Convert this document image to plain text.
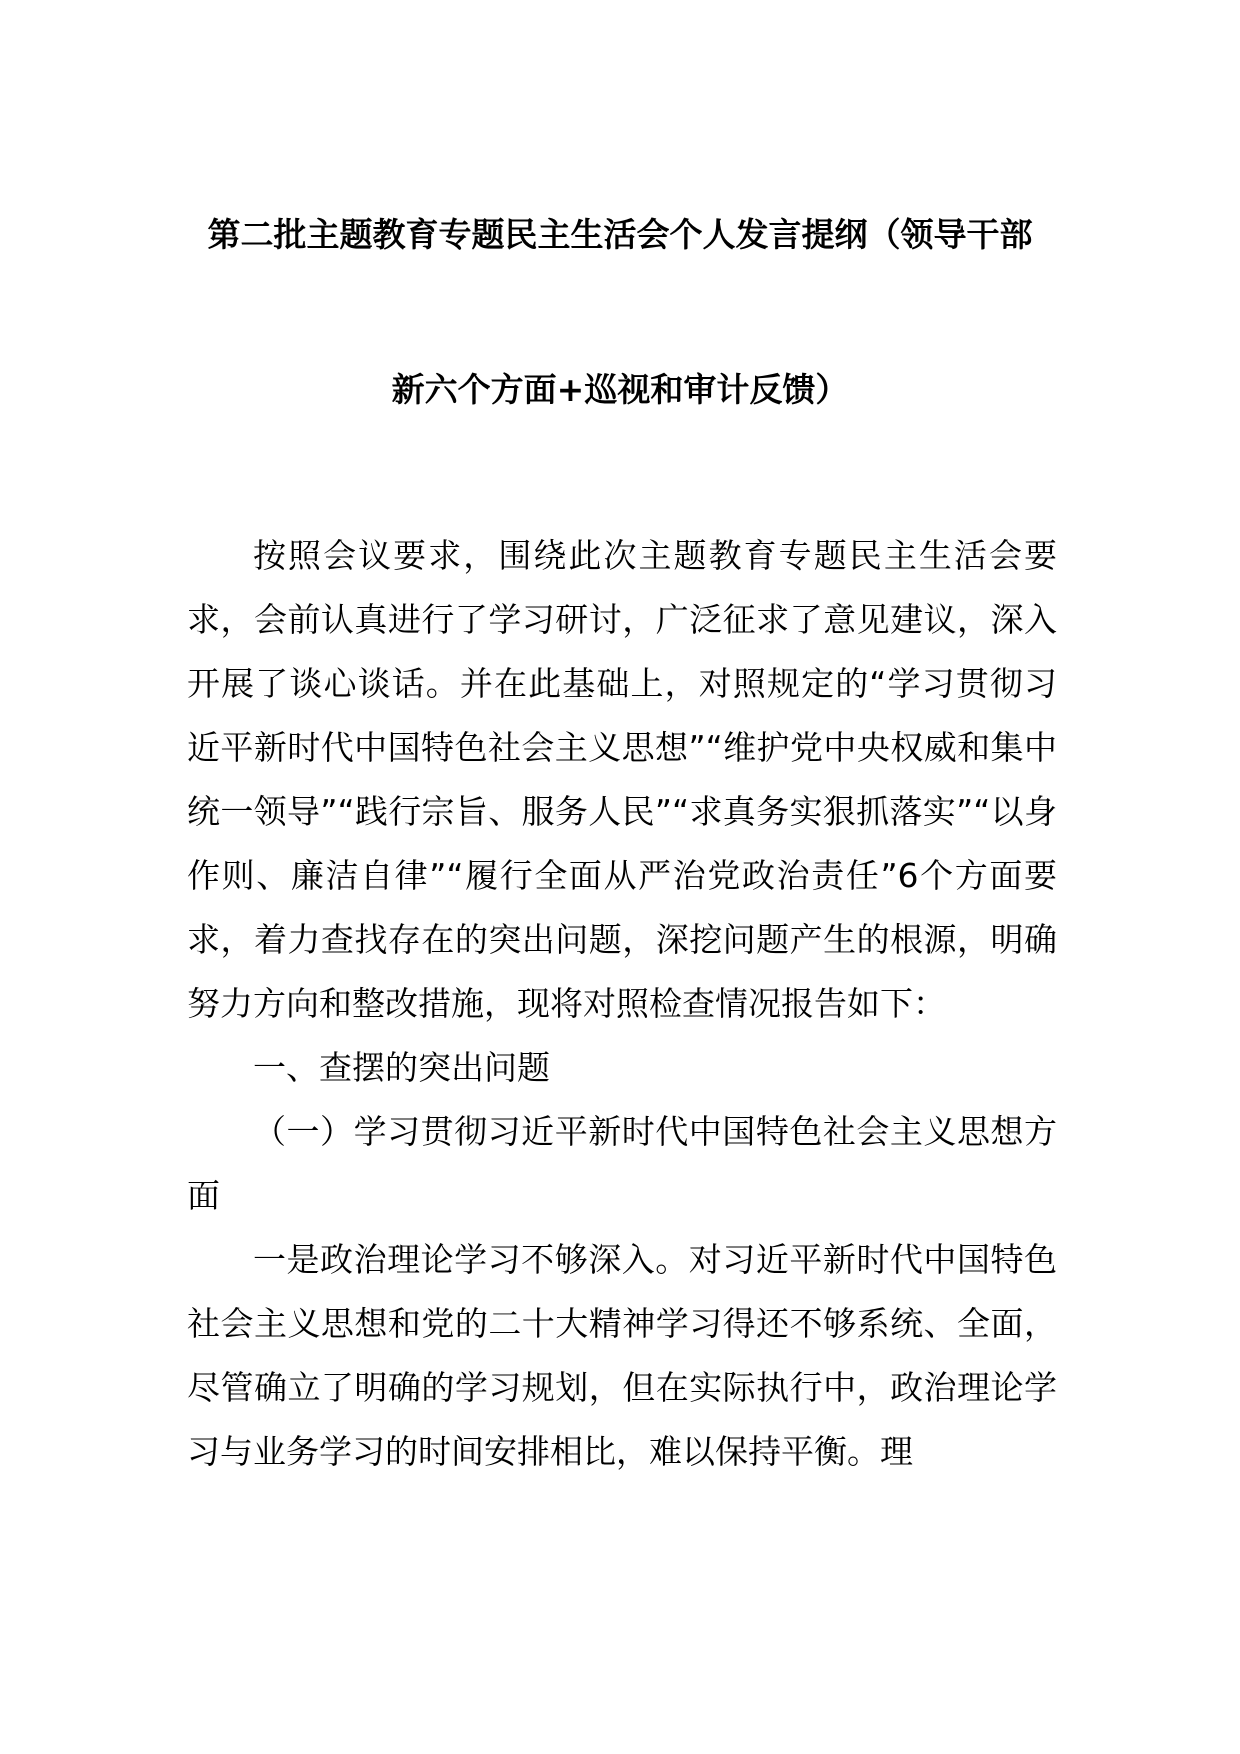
第二批主题教育专题民主生活会个人发言提纲（领导干部
新六个方面+巡视和审计反馈）

按照会议要求，围绕此次主题教育专题民主生活会要求，会前认真进行了学习研讨，广泛征求了意见建议，深入开展了谈心谈话。并在此基础上，对照规定的“学习贯彻习近平新时代中国特色社会主义思想”“维护党中央权威和集中统一领导”“践行宗旨、服务人民”“求真务实狠抓落实”“以身作则、廉洁自律”“履行全面从严治党政治责任”6个方面要求，着力查找存在的突出问题，深挖问题产生的根源，明确努力方向和整改措施，现将对照检查情况报告如下：

一、查摆的突出问题

（一）学习贯彻习近平新时代中国特色社会主义思想方面

一是政治理论学习不够深入。对习近平新时代中国特色社会主义思想和党的二十大精神学习得还不够系统、全面，尽管确立了明确的学习规划，但在实际执行中，政治理论学习与业务学习的时间安排相比，难以保持平衡。理
